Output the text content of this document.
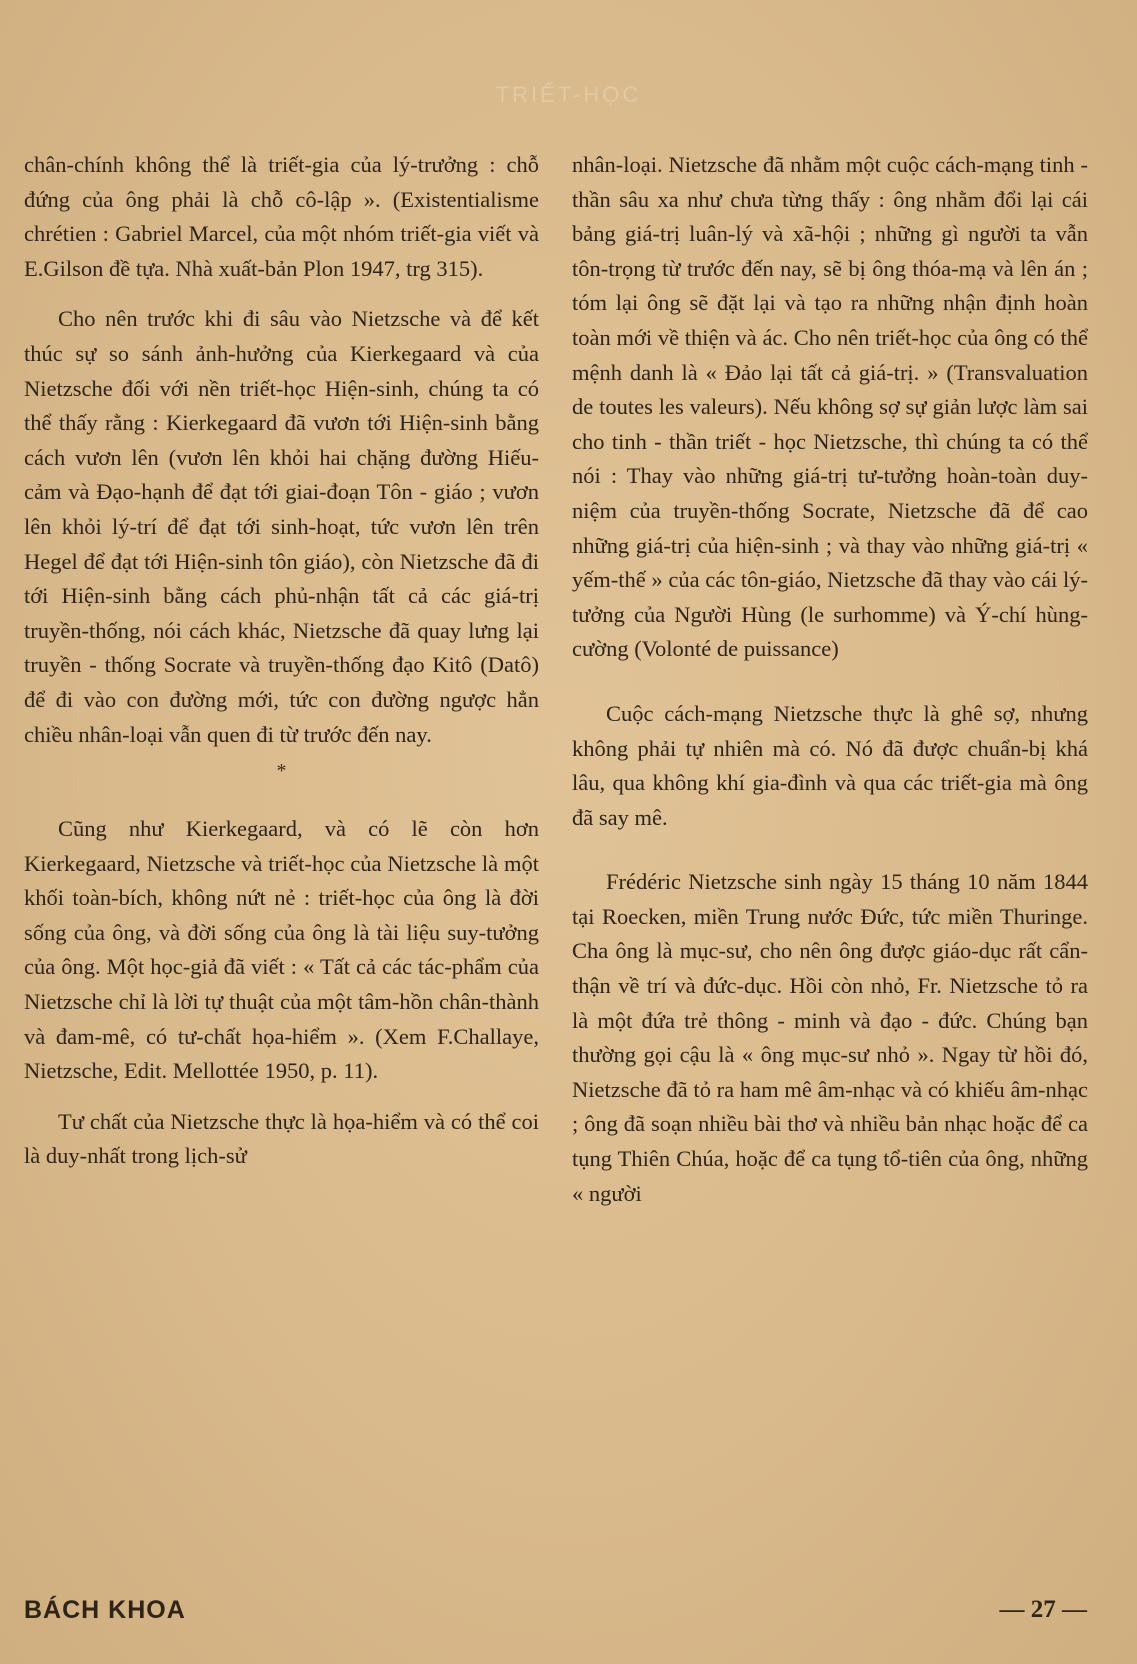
TRIẾT-HỌC

chân-chính không thể là triết-gia của lý-trưởng : chỗ đứng của ông phải là chỗ cô-lập ». (Existentialisme chrétien : Gabriel Marcel, của một nhóm triết-gia viết và E.Gilson đề tựa. Nhà xuất-bản Plon 1947, trg 315).

Cho nên trước khi đi sâu vào Nietzsche và để kết thúc sự so sánh ảnh-hưởng của Kierkegaard và của Nietzsche đối với nền triết-học Hiện-sinh, chúng ta có thể thấy rằng : Kierkegaard đã vươn tới Hiện-sinh bằng cách vươn lên (vươn lên khỏi hai chặng đường Hiếu-cảm và Đạo-hạnh để đạt tới giai-đoạn Tôn - giáo ; vươn lên khỏi lý-trí để đạt tới sinh-hoạt, tức vươn lên trên Hegel để đạt tới Hiện-sinh tôn giáo), còn Nietzsche đã đi tới Hiện-sinh bằng cách phủ-nhận tất cả các giá-trị truyền-thống, nói cách khác, Nietzsche đã quay lưng lại truyền - thống Socrate và truyền-thống đạo Kitô (Datô) để đi vào con đường mới, tức con đường ngược hẳn chiều nhân-loại vẫn quen đi từ trước đến nay.

*

Cũng như Kierkegaard, và có lẽ còn hơn Kierkegaard, Nietzsche và triết-học của Nietzsche là một khối toàn-bích, không nứt nẻ : triết-học của ông là đời sống của ông, và đời sống của ông là tài liệu suy-tưởng của ông. Một học-giả đã viết : « Tất cả các tác-phẩm của Nietzsche chỉ là lời tự thuật của một tâm-hồn chân-thành và đam-mê, có tư-chất họa-hiểm ». (Xem F.Challaye, Nietzsche, Edit. Mellottée 1950, p. 11).

Tư chất của Nietzsche thực là họa-hiểm và có thể coi là duy-nhất trong lịch-sử

nhân-loại. Nietzsche đã nhằm một cuộc cách-mạng tinh - thần sâu xa như chưa từng thấy : ông nhằm đổi lại cái bảng giá-trị luân-lý và xã-hội ; những gì người ta vẫn tôn-trọng từ trước đến nay, sẽ bị ông thóa-mạ và lên án ; tóm lại ông sẽ đặt lại và tạo ra những nhận định hoàn toàn mới về thiện và ác. Cho nên triết-học của ông có thể mệnh danh là « Đảo lại tất cả giá-trị. » (Transvaluation de toutes les valeurs). Nếu không sợ sự giản lược làm sai cho tinh - thần triết - học Nietzsche, thì chúng ta có thể nói : Thay vào những giá-trị tư-tưởng hoàn-toàn duy-niệm của truyền-thống Socrate, Nietzsche đã để cao những giá-trị của hiện-sinh ; và thay vào những giá-trị « yếm-thế » của các tôn-giáo, Nietzsche đã thay vào cái lý-tưởng của Người Hùng (le surhomme) và Ý-chí hùng-cường (Volonté de puissance)

Cuộc cách-mạng Nietzsche thực là ghê sợ, nhưng không phải tự nhiên mà có. Nó đã được chuẩn-bị khá lâu, qua không khí gia-đình và qua các triết-gia mà ông đã say mê.

Frédéric Nietzsche sinh ngày 15 tháng 10 năm 1844 tại Roecken, miền Trung nước Đức, tức miền Thuringe. Cha ông là mục-sư, cho nên ông được giáo-dục rất cẩn-thận về trí và đức-dục. Hồi còn nhỏ, Fr. Nietzsche tỏ ra là một đứa trẻ thông - minh và đạo - đức. Chúng bạn thường gọi cậu là « ông mục-sư nhỏ ». Ngay từ hồi đó, Nietzsche đã tỏ ra ham mê âm-nhạc và có khiếu âm-nhạc ; ông đã soạn nhiều bài thơ và nhiều bản nhạc hoặc để ca tụng Thiên Chúa, hoặc để ca tụng tổ-tiên của ông, những « người

BÁCH KHOA	— 27 —
